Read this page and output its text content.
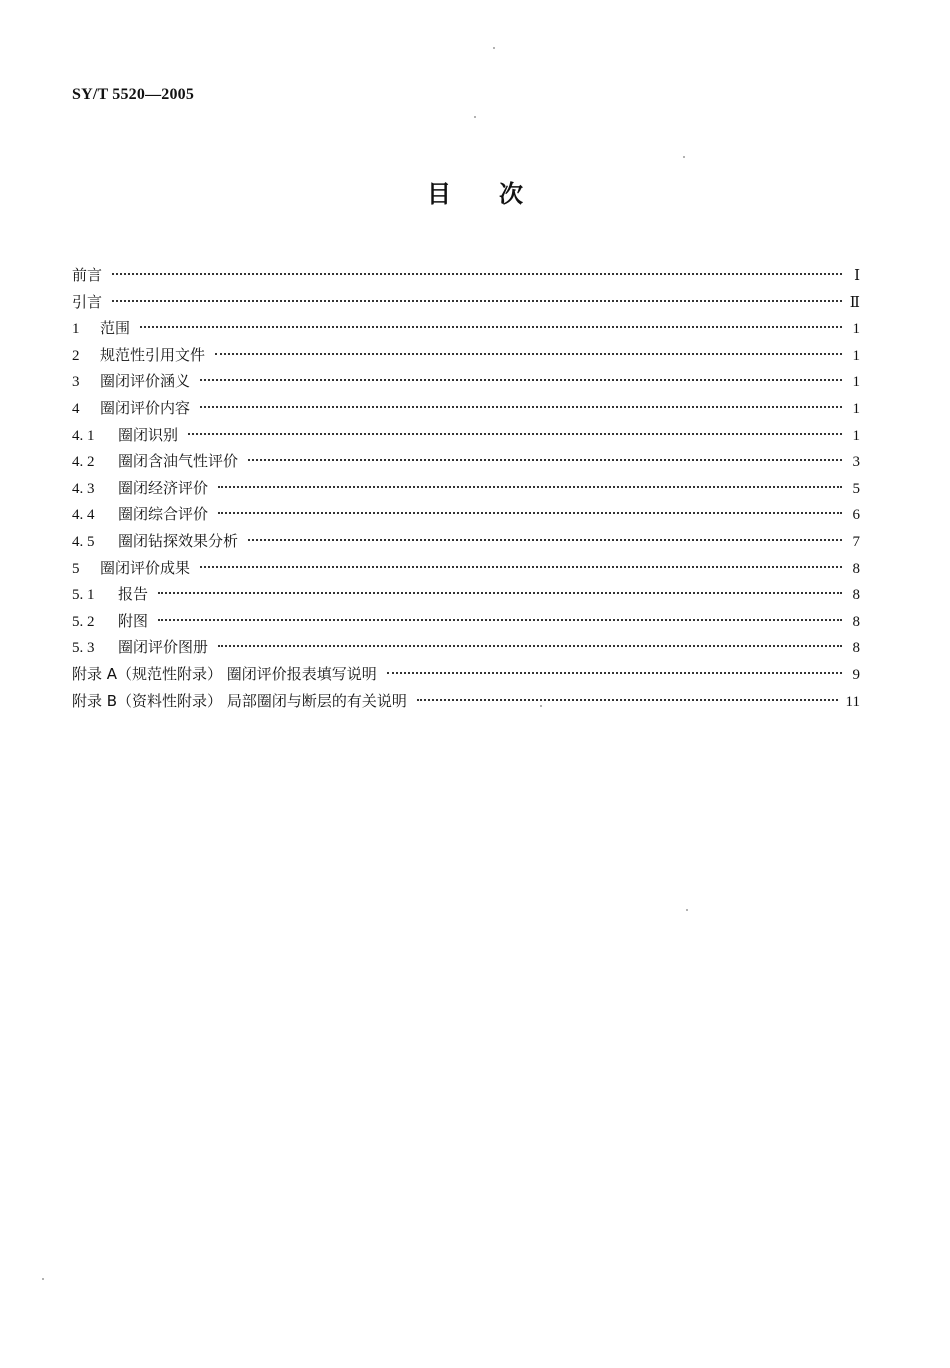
SY/T 5520—2005
目 次
前言	Ⅰ
引言	Ⅱ
1	范围	1
2	规范性引用文件	1
3	圈闭评价涵义	1
4	圈闭评价内容	1
4. 1	圈闭识别	1
4. 2	圈闭含油气性评价	3
4. 3	圈闭经济评价	5
4. 4	圈闭综合评价	6
4. 5	圈闭钻探效果分析	7
5	圈闭评价成果	8
5. 1	报告	8
5. 2	附图	8
5. 3	圈闭评价图册	8
附录 A（规范性附录） 圈闭评价报表填写说明	9
附录 B（资料性附录） 局部圈闭与断层的有关说明	11
